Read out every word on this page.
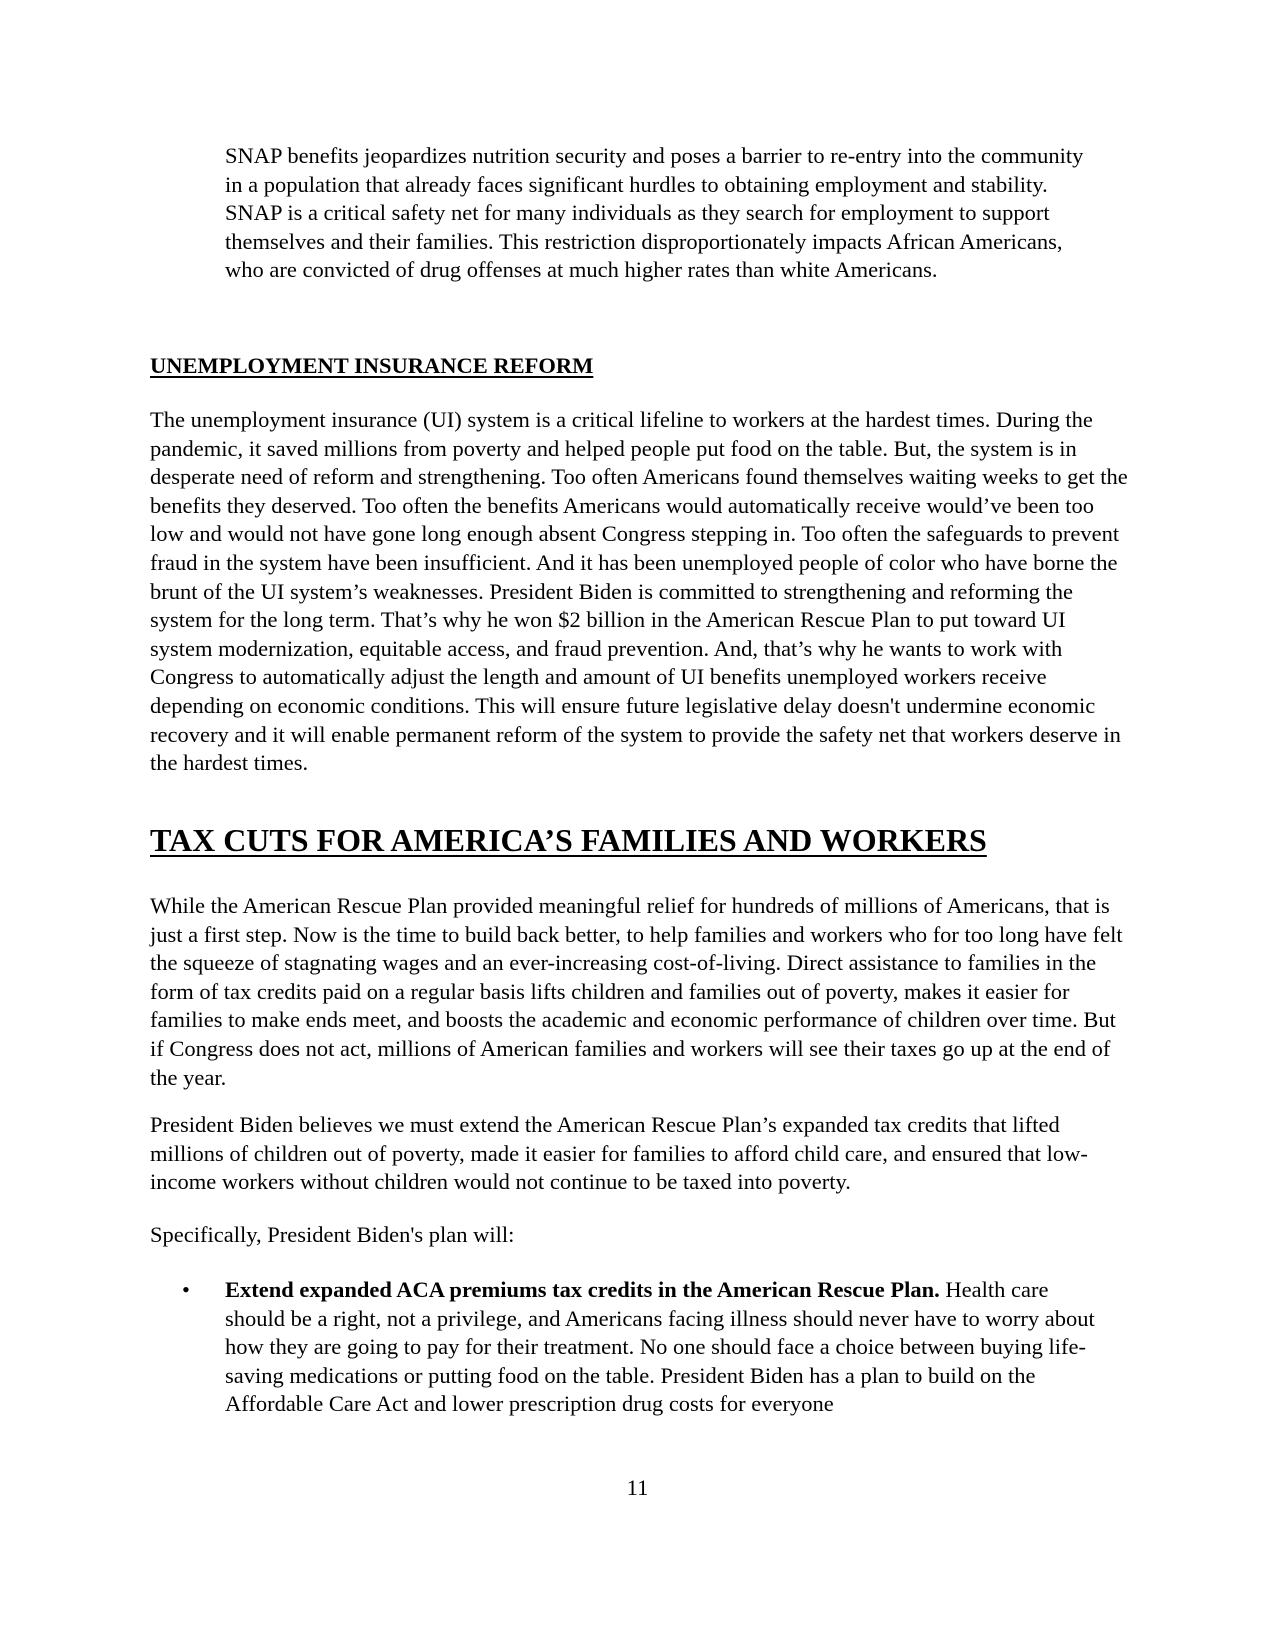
SNAP benefits jeopardizes nutrition security and poses a barrier to re-entry into the community in a population that already faces significant hurdles to obtaining employment and stability. SNAP is a critical safety net for many individuals as they search for employment to support themselves and their families. This restriction disproportionately impacts African Americans, who are convicted of drug offenses at much higher rates than white Americans.

UNEMPLOYMENT INSURANCE REFORM

The unemployment insurance (UI) system is a critical lifeline to workers at the hardest times. During the pandemic, it saved millions from poverty and helped people put food on the table. But, the system is in desperate need of reform and strengthening. Too often Americans found themselves waiting weeks to get the benefits they deserved. Too often the benefits Americans would automatically receive would’ve been too low and would not have gone long enough absent Congress stepping in. Too often the safeguards to prevent fraud in the system have been insufficient. And it has been unemployed people of color who have borne the brunt of the UI system’s weaknesses. President Biden is committed to strengthening and reforming the system for the long term. That’s why he won $2 billion in the American Rescue Plan to put toward UI system modernization, equitable access, and fraud prevention. And, that’s why he wants to work with Congress to automatically adjust the length and amount of UI benefits unemployed workers receive depending on economic conditions. This will ensure future legislative delay doesn't undermine economic recovery and it will enable permanent reform of the system to provide the safety net that workers deserve in the hardest times.

TAX CUTS FOR AMERICA’S FAMILIES AND WORKERS

While the American Rescue Plan provided meaningful relief for hundreds of millions of Americans, that is just a first step. Now is the time to build back better, to help families and workers who for too long have felt the squeeze of stagnating wages and an ever-increasing cost-of-living. Direct assistance to families in the form of tax credits paid on a regular basis lifts children and families out of poverty, makes it easier for families to make ends meet, and boosts the academic and economic performance of children over time. But if Congress does not act, millions of American families and workers will see their taxes go up at the end of the year.

President Biden believes we must extend the American Rescue Plan’s expanded tax credits that lifted millions of children out of poverty, made it easier for families to afford child care, and ensured that low-income workers without children would not continue to be taxed into poverty.

Specifically, President Biden's plan will:

• Extend expanded ACA premiums tax credits in the American Rescue Plan. Health care should be a right, not a privilege, and Americans facing illness should never have to worry about how they are going to pay for their treatment. No one should face a choice between buying life-saving medications or putting food on the table. President Biden has a plan to build on the Affordable Care Act and lower prescription drug costs for everyone

11
